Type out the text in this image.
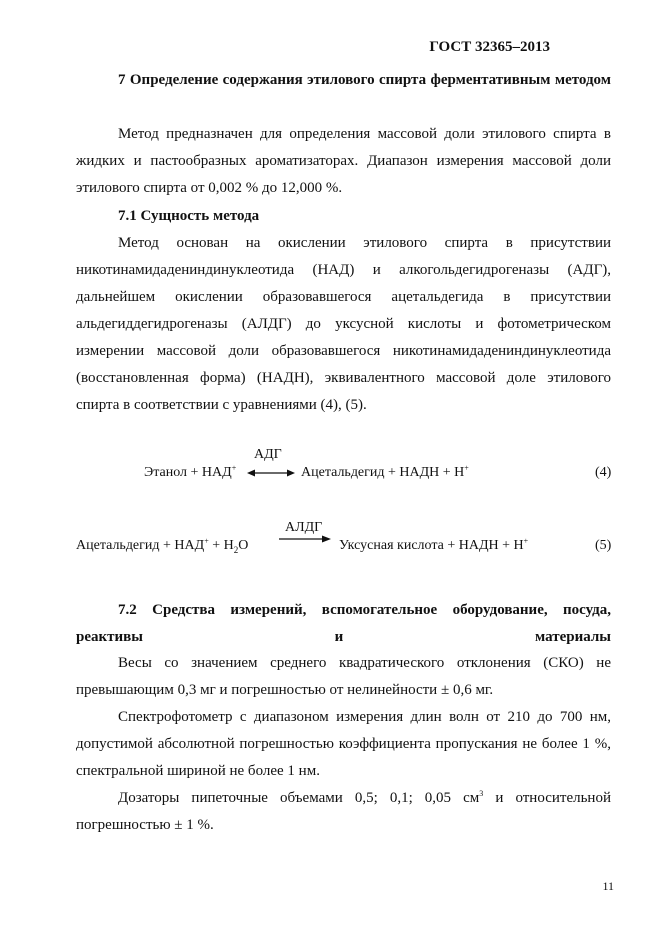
ГОСТ 32365–2013

7 Определение содержания этилового спирта ферментативным методом

Метод предназначен для определения массовой доли этилового спирта в жидких и пастообразных ароматизаторах. Диапазон измерения массовой доли этилового спирта от 0,002 % до 12,000 %.

7.1 Сущность метода

Метод основан на окислении этилового спирта в присутствии никотинамидадениндинуклеотида (НАД) и алкогольдегидрогеназы (АДГ), дальнейшем окислении образовавшегося ацетальдегида в присутствии альдегиддегидрогеназы (АЛДГ) до уксусной кислоты и фотометрическом измерении массовой доли образовавшегося никотинамидадениндинуклеотида (восстановленная форма) (НАДН), эквивалентного массовой доле этилового спирта в соответствии с уравнениями (4), (5).

АДГ
Этанол + НАД+	Ацетальдегид + НАДН + Н+	(4)
АЛДГ
Ацетальдегид + $НАД^+ + Н_2О$	Уксусная кислота + НАДН + Н+	(5)

7.2 Средства измерений, вспомогательное оборудование, посуда, реактивы и материалы

Весы со значением среднего квадратического отклонения (СКО) не превышающим 0,3 мг и погрешностью от нелинейности ± 0,6 мг.

Спектрофотометр с диапазоном измерения длин волн от 210 до 700 нм, допустимой абсолютной погрешностью коэффициента пропускания не более 1 %, спектральной шириной не более 1 нм.

Дозаторы пипеточные объемами 0,5; 0,1; 0,05 $см^3$ и относительной погрешностью ± 1 %.

11
